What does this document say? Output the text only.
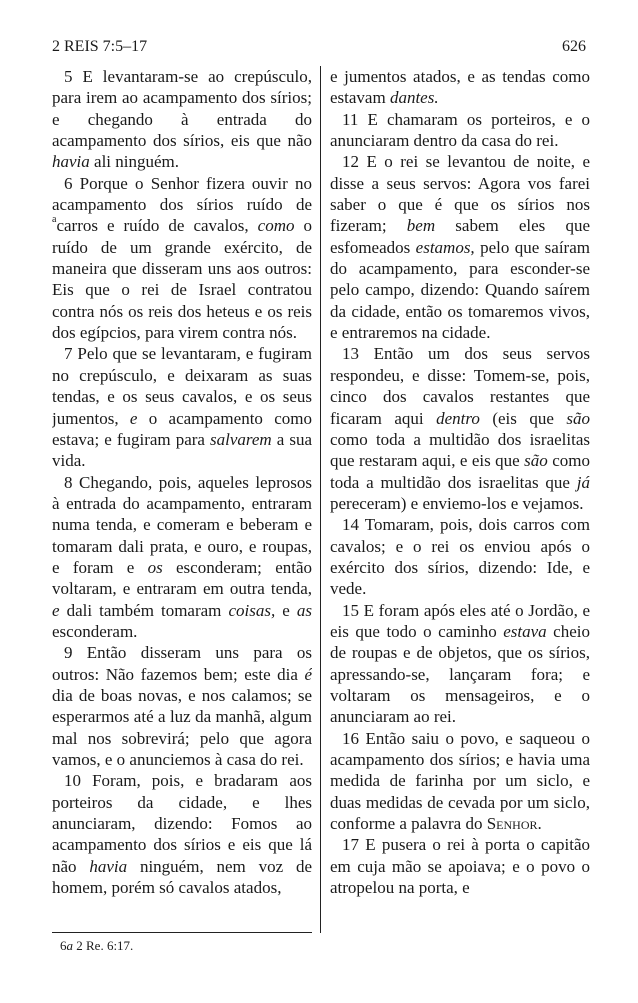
2 REIS 7:5–17	626

5 E levantaram-se ao crepúsculo, para irem ao acampamento dos sírios; e chegando à entrada do acampamento dos sírios, eis que não havia ali ninguém.

6 Porque o Senhor fizera ouvir no acampamento dos sírios ruído de $^a$carros e ruído de cavalos, como o ruído de um grande exército, de maneira que disseram uns aos outros: Eis que o rei de Israel contratou contra nós os reis dos heteus e os reis dos egípcios, para virem contra nós.

7 Pelo que se levantaram, e fugiram no crepúsculo, e deixaram as suas tendas, e os seus cavalos, e os seus jumentos, e o acampamento como estava; e fugiram para salvarem a sua vida.

8 Chegando, pois, aqueles leprosos à entrada do acampamento, entraram numa tenda, e comeram e beberam e tomaram dali prata, e ouro, e roupas, e foram e os esconderam; então voltaram, e entraram em outra tenda, e dali também tomaram coisas, e as esconderam.

9 Então disseram uns para os outros: Não fazemos bem; este dia é dia de boas novas, e nos calamos; se esperarmos até a luz da manhã, algum mal nos sobrevirá; pelo que agora vamos, e o anunciemos à casa do rei.

10 Foram, pois, e bradaram aos porteiros da cidade, e lhes anunciaram, dizendo: Fomos ao acampamento dos sírios e eis que lá não havia ninguém, nem voz de homem, porém só cavalos atados,

e jumentos atados, e as tendas como estavam dantes.

11 E chamaram os porteiros, e o anunciaram dentro da casa do rei.

12 E o rei se levantou de noite, e disse a seus servos: Agora vos farei saber o que é que os sírios nos fizeram; bem sabem eles que esfomeados estamos, pelo que saíram do acampamento, para esconder-se pelo campo, dizendo: Quando saírem da cidade, então os tomaremos vivos, e entraremos na cidade.

13 Então um dos seus servos respondeu, e disse: Tomem-se, pois, cinco dos cavalos restantes que ficaram aqui dentro (eis que são como toda a multidão dos israelitas que restaram aqui, e eis que são como toda a multidão dos israelitas que já pereceram) e enviemo-los e vejamos.

14 Tomaram, pois, dois carros com cavalos; e o rei os enviou após o exército dos sírios, dizendo: Ide, e vede.

15 E foram após eles até o Jordão, e eis que todo o caminho estava cheio de roupas e de objetos, que os sírios, apressando-se, lançaram fora; e voltaram os mensageiros, e o anunciaram ao rei.

16 Então saiu o povo, e saqueou o acampamento dos sírios; e havia uma medida de farinha por um siclo, e duas medidas de cevada por um siclo, conforme a palavra do Senhor.

17 E pusera o rei à porta o capitão em cuja mão se apoiava; e o povo o atropelou na porta, e

6a 2 Re. 6:17.
